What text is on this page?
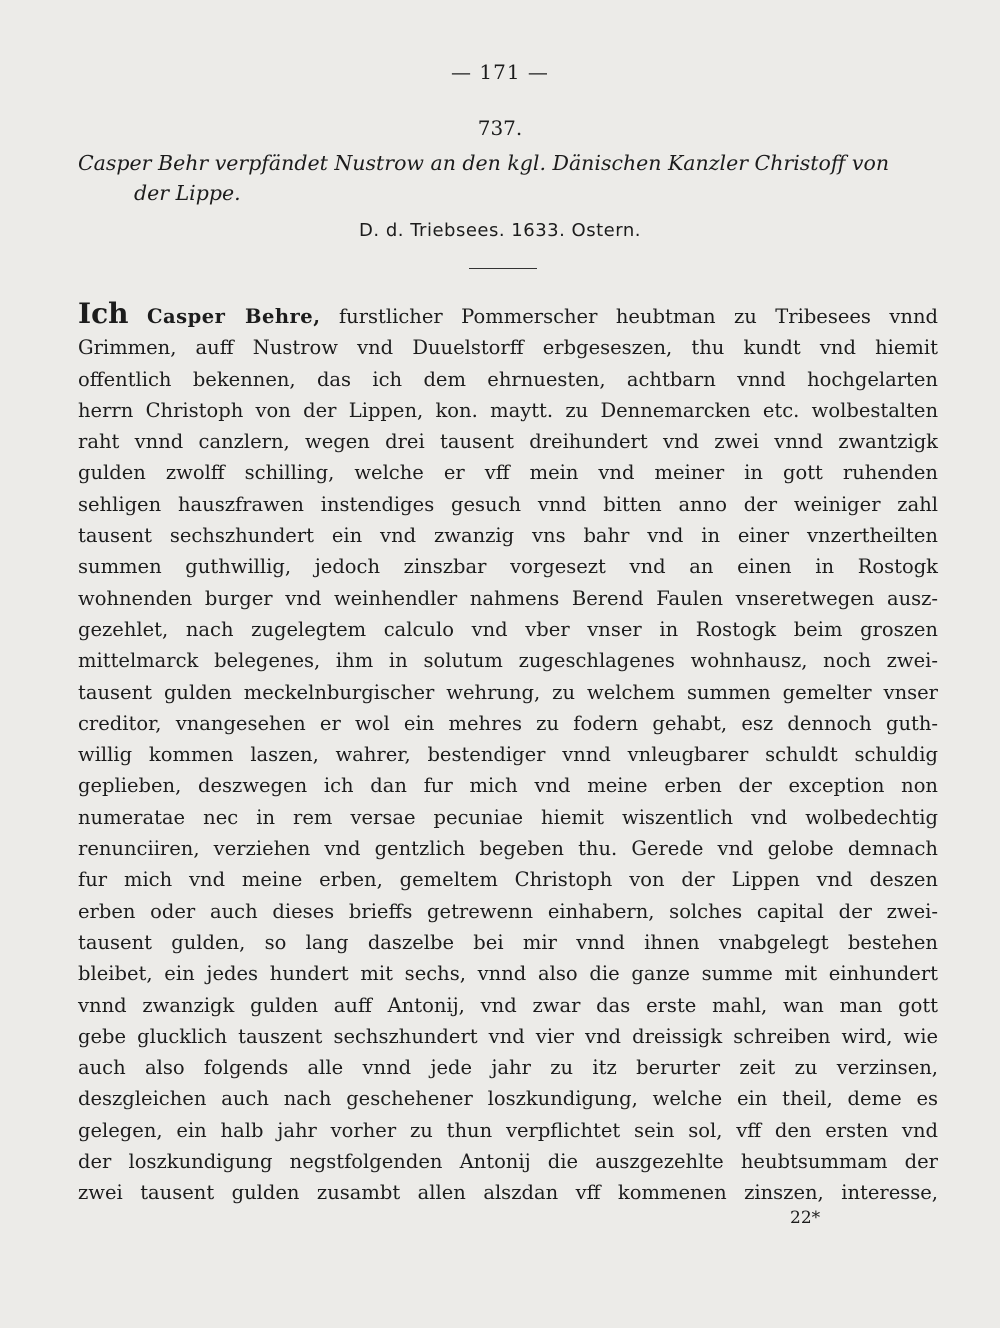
— 171 —
737.
Casper Behr verpfändet Nustrow an den kgl. Dänischen Kanzler Christoff von
der Lippe.
D. d. Triebsees. 1633. Ostern.
Ich Casper Behre, furstlicher Pommerscher heubtman zu Tribesees vnnd
Grimmen, auff Nustrow vnd Duuelstorff erbgeseszen, thu kundt vnd hiemit
offentlich bekennen, das ich dem ehrnuesten, achtbarn vnnd hochgelarten
herrn Christoph von der Lippen, kon. maytt. zu Dennemarcken etc. wolbestalten
raht vnnd canzlern, wegen drei tausent dreihundert vnd zwei vnnd zwantzigk
gulden zwolff schilling, welche er vff mein vnd meiner in gott ruhenden
sehligen hauszfrawen instendiges gesuch vnnd bitten anno der weiniger zahl
tausent sechszhundert ein vnd zwanzig vns bahr vnd in einer vnzertheilten
summen guthwillig, jedoch zinszbar vorgesezt vnd an einen in Rostogk
wohnenden burger vnd weinhendler nahmens Berend Faulen vnseretwegen ausz-
gezehlet, nach zugelegtem calculo vnd vber vnser in Rostogk beim groszen
mittelmarck belegenes, ihm in solutum zugeschlagenes wohnhausz, noch zwei-
tausent gulden meckelnburgischer wehrung, zu welchem summen gemelter vnser
creditor, vnangesehen er wol ein mehres zu fodern gehabt, esz dennoch guth-
willig kommen laszen, wahrer, bestendiger vnnd vnleugbarer schuldt schuldig
geplieben, deszwegen ich dan fur mich vnd meine erben der exception non
numeratae nec in rem versae pecuniae hiemit wiszentlich vnd wolbedechtig
renunciiren, verziehen vnd gentzlich begeben thu. Gerede vnd gelobe demnach
fur mich vnd meine erben, gemeltem Christoph von der Lippen vnd deszen
erben oder auch dieses brieffs getrewenn einhabern, solches capital der zwei-
tausent gulden, so lang daszelbe bei mir vnnd ihnen vnabgelegt bestehen
bleibet, ein jedes hundert mit sechs, vnnd also die ganze summe mit einhundert
vnnd zwanzigk gulden auff Antonij, vnd zwar das erste mahl, wan man gott
gebe glucklich tauszent sechszhundert vnd vier vnd dreissigk schreiben wird, wie
auch also folgends alle vnnd jede jahr zu itz berurter zeit zu verzinsen,
deszgleichen auch nach geschehener loszkundigung, welche ein theil, deme es
gelegen, ein halb jahr vorher zu thun verpflichtet sein sol, vff den ersten vnd
der loszkundigung negstfolgenden Antonij die auszgezehlte heubtsummam der
zwei tausent gulden zusambt allen alszdan vff kommenen zinszen, interesse,
22*
